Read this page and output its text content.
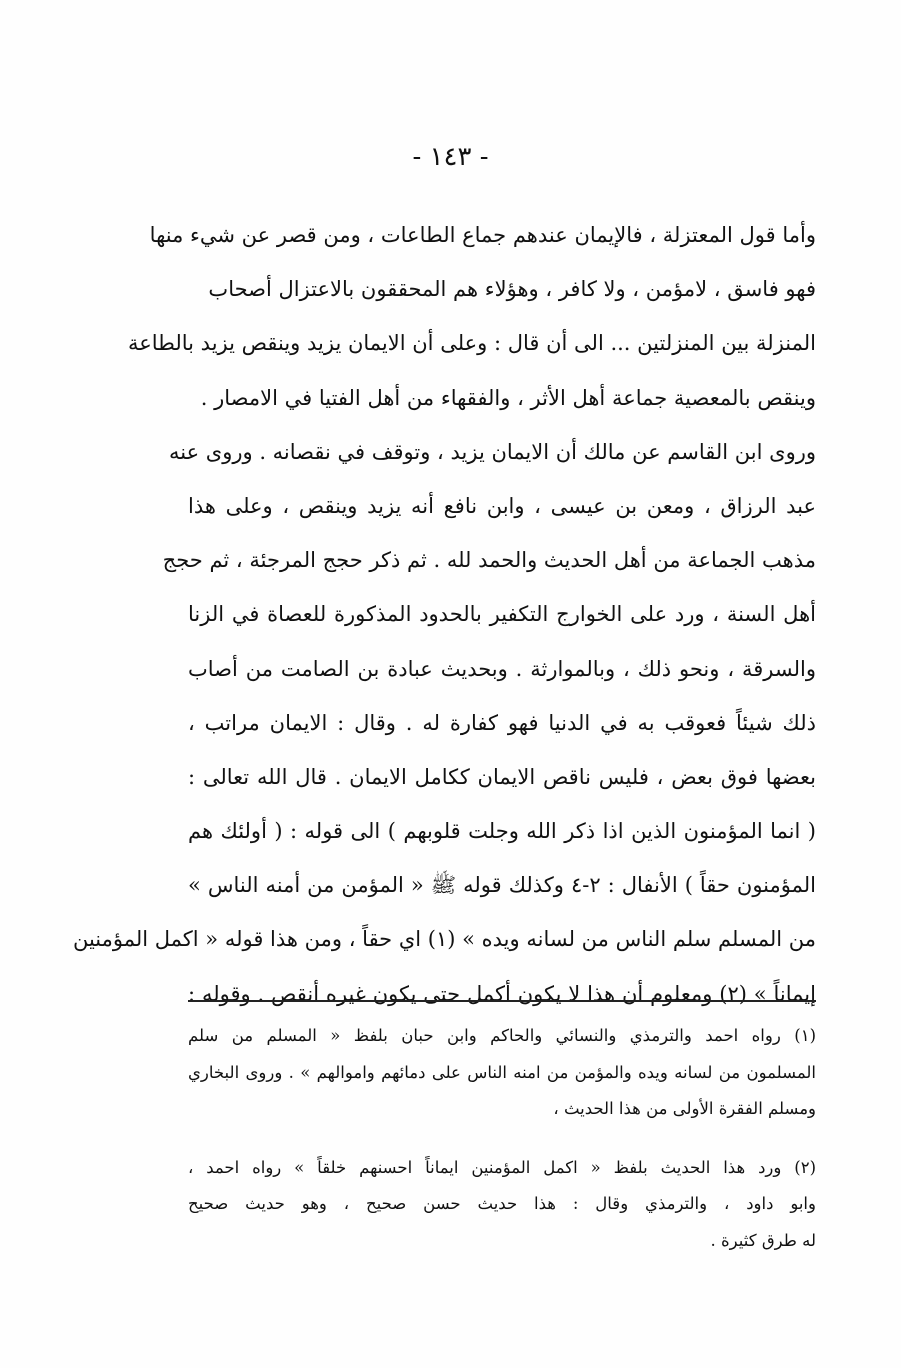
- ١٤٣ -
وأما قول المعتزلة ، فالإيمان عندهم جماع الطاعات ، ومن قصر عن شيء منها
فهو فاسق ، لامؤمن ، ولا كافر ، وهؤلاء هم المحققون بالاعتزال أصحاب
المنزلة بين المنزلتين ... الى أن قال : وعلى أن الايمان يزيد وينقص يزيد بالطاعة
وينقص بالمعصية جماعة أهل الأثر ، والفقهاء من أهل الفتيا في الامصار .
وروى ابن القاسم عن مالك أن الايمان يزيد ، وتوقف في نقصانه . وروى عنه
عبد الرزاق ، ومعن بن عيسى ، وابن نافع أنه يزيد وينقص ، وعلى هذا
مذهب الجماعة من أهل الحديث والحمد لله . ثم ذكر حجج المرجئة ، ثم حجج
أهل السنة ، ورد على الخوارج التكفير بالحدود المذكورة للعصاة في الزنا
والسرقة ، ونحو ذلك ، وبالموارثة . وبحديث عبادة بن الصامت من أصاب
ذلك شيئاً فعوقب به في الدنيا فهو كفارة له . وقال : الايمان مراتب ،
بعضها فوق بعض ، فليس ناقص الايمان ككامل الايمان . قال الله تعالى :
( انما المؤمنون الذين اذا ذكر الله وجلت قلوبهم ) الى قوله : ( أولئك هم
المؤمنون حقاً ) الأنفال : ٢-٤ وكذلك قوله ﷺ « المؤمن من أمنه الناس »
من المسلم سلم الناس من لسانه ويده » (١) اي حقاً ، ومن هذا قوله « اكمل المؤمنين
إيماناً » (٢) ومعلوم أن هذا لا يكون أكمل حتى يكون غيره أنقص . وقوله :
(١) رواه احمد والترمذي والنسائي والحاكم وابن حبان بلفظ « المسلم من سلم
المسلمون من لسانه ويده والمؤمن من امنه الناس على دمائهم واموالهم » . وروى البخاري
ومسلم الفقرة الأولى من هذا الحديث ،
(٢) ورد هذا الحديث بلفظ « اكمل المؤمنين ايماناً احسنهم خلقاً » رواه احمد ،
وابو داود ، والترمذي وقال : هذا حديث حسن صحيح ، وهو حديث صحيح
له طرق كثيرة .
